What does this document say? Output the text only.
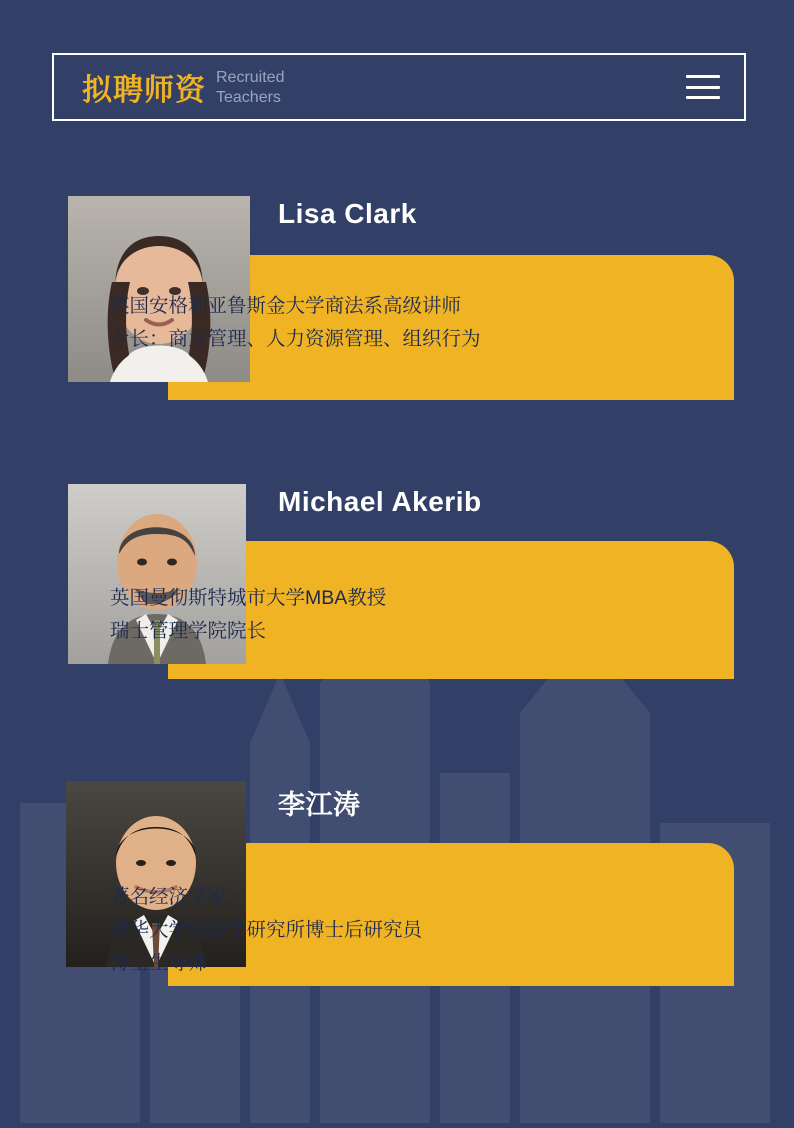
拟聘师资 Recruited
Teachers
Lisa Clark
英国安格利亚鲁斯金大学商法系高级讲师
专长：商业管理、人力资源管理、组织行为
Michael Akerib
英国曼彻斯特城市大学MBA教授
瑞士管理学院院长
李江涛
著名经济学家
清华大学经济学研究所博士后研究员
博士生导师
